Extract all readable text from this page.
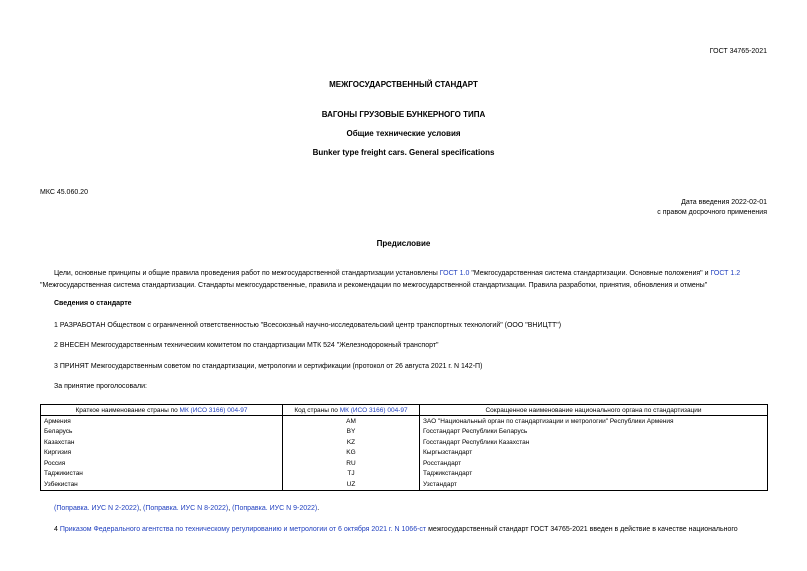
ГОСТ 34765-2021
МЕЖГОСУДАРСТВЕННЫЙ СТАНДАРТ
ВАГОНЫ ГРУЗОВЫЕ БУНКЕРНОГО ТИПА
Общие технические условия
Bunker type freight cars. General specifications
МКС 45.060.20
Дата введения 2022-02-01
с правом досрочного применения
Предисловие
Цели, основные принципы и общие правила проведения работ по межгосударственной стандартизации установлены ГОСТ 1.0 "Межгосударственная система стандартизации. Основные положения" и ГОСТ 1.2 "Межгосударственная система стандартизации. Стандарты межгосударственные, правила и рекомендации по межгосударственной стандартизации. Правила разработки, принятия, обновления и отмены"
Сведения о стандарте
1 РАЗРАБОТАН Обществом с ограниченной ответственностью "Всесоюзный научно-исследовательский центр транспортных технологий" (ООО "ВНИЦТТ")
2 ВНЕСЕН Межгосударственным техническим комитетом по стандартизации МТК 524 "Железнодорожный транспорт"
3 ПРИНЯТ Межгосударственным советом по стандартизации, метрологии и сертификации (протокол от 26 августа 2021 г. N 142-П)
За принятие проголосовали:
Краткое наименование страны по МК (ИСО 3166) 004-97	Код страны по МК (ИСО 3166) 004-97	Сокращенное наименование национального органа по стандартизации
Армения	AM	ЗАО "Национальный орган по стандартизации и метрологии" Республики Армения
Беларусь	BY	Госстандарт Республики Беларусь
Казахстан	KZ	Госстандарт Республики Казахстан
Киргизия	KG	Кыргызстандарт
Россия	RU	Росстандарт
Таджикистан	TJ	Таджикстандарт
Узбекистан	UZ	Узстандарт
(Поправка. ИУС N 2-2022), (Поправка. ИУС N 8-2022), (Поправка. ИУС N 9-2022).
4 Приказом Федерального агентства по техническому регулированию и метрологии от 6 октября 2021 г. N 1066-ст межгосударственный стандарт ГОСТ 34765-2021 введен в действие в качестве национального
